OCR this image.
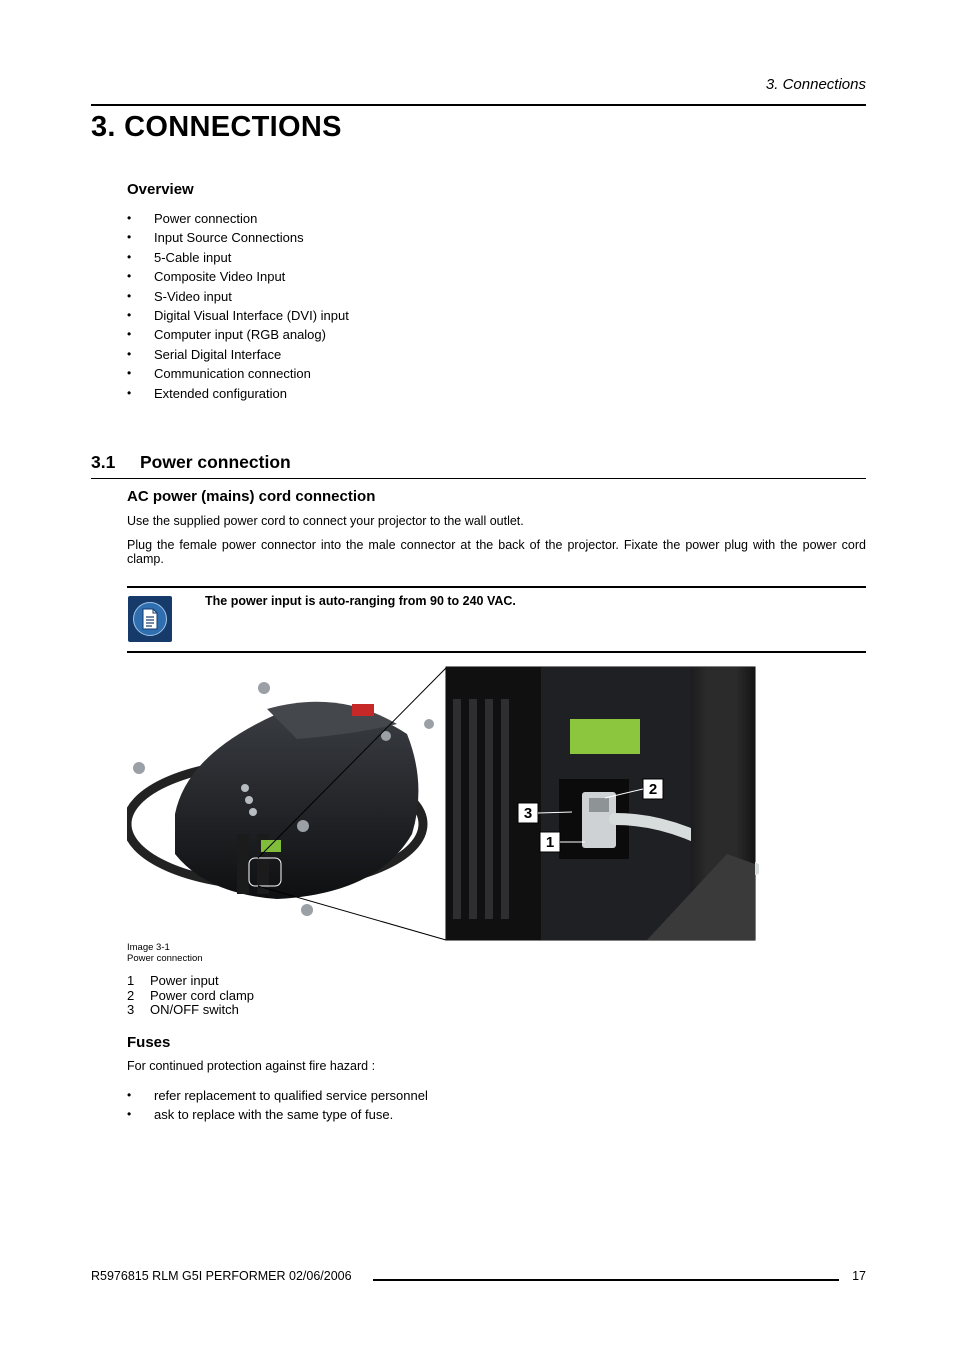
3. Connections
3. CONNECTIONS
Overview
• Power connection
• Input Source Connections
• 5-Cable input
• Composite Video Input
• S-Video input
• Digital Visual Interface (DVI) input
• Computer input (RGB analog)
• Serial Digital Interface
• Communication connection
• Extended configuration
3.1 Power connection
AC power (mains) cord connection
Use the supplied power cord to connect your projector to the wall outlet.
Plug the female power connector into the male connector at the back of the projector. Fixate the power plug with the power cord clamp.
The power input is auto-ranging from 90 to 240 VAC.
2
3
1
Image 3-1
Power connection
1 Power input
2 Power cord clamp
3 ON/OFF switch
Fuses
For continued protection against fire hazard :
• refer replacement to qualified service personnel
• ask to replace with the same type of fuse.
R5976815 RLM G5I PERFORMER 02/06/2006	17
